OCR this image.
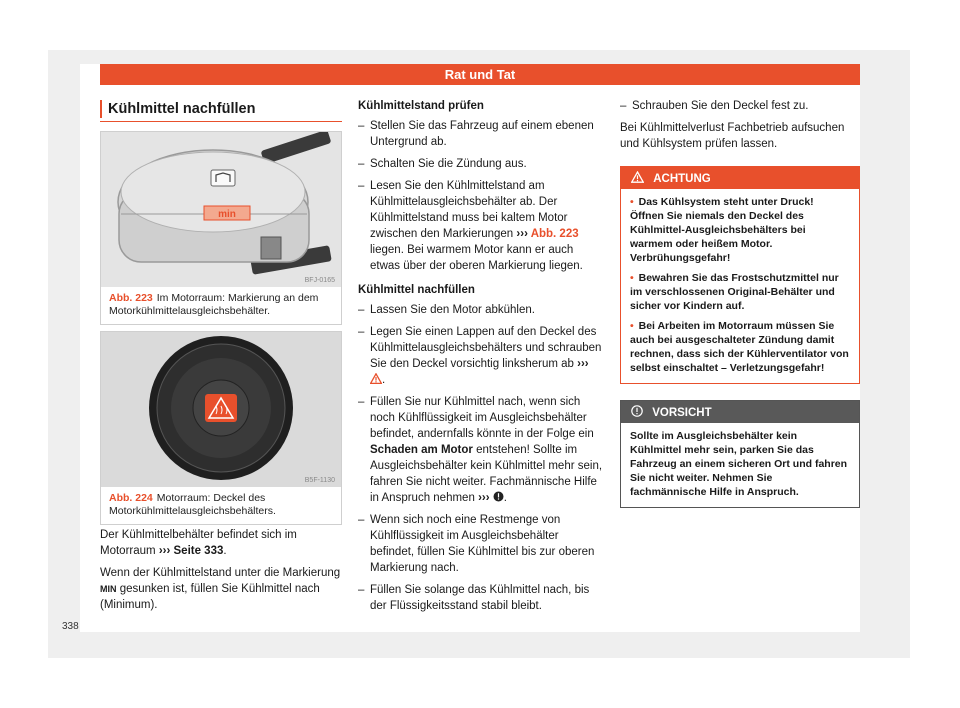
Rat und Tat
Kühlmittel nachfüllen
min
BFJ-0165
Abb. 223 Im Motorraum: Markierung an dem Motorkühlmittelausgleichsbehälter.
B5F-1130
Abb. 224 Motorraum: Deckel des Motorkühlmittelausgleichsbehälters.

Der Kühlmittelbehälter befindet sich im Motorraum ››› Seite 333.

Wenn der Kühlmittelstand unter die Markierung MIN gesunken ist, füllen Sie Kühlmittel nach (Minimum).

338
Kühlmittelstand prüfen
– Stellen Sie das Fahrzeug auf einem ebenen Untergrund ab.
– Schalten Sie die Zündung aus.
– Lesen Sie den Kühlmittelstand am Kühlmittelausgleichsbehälter ab. Der Kühlmittelstand muss bei kaltem Motor zwischen den Markierungen ››› Abb. 223 liegen. Bei warmem Motor kann er auch etwas über der oberen Markierung liegen.
Kühlmittel nachfüllen
– Lassen Sie den Motor abkühlen.
– Legen Sie einen Lappen auf den Deckel des Kühlmittelausgleichsbehälters und schrauben Sie den Deckel vorsichtig linksherum ab ››› .
– Füllen Sie nur Kühlmittel nach, wenn sich noch Kühlflüssigkeit im Ausgleichsbehälter befindet, andernfalls könnte in der Folge ein Schaden am Motor entstehen! Sollte im Ausgleichsbehälter kein Kühlmittel mehr sein, fahren Sie nicht weiter. Fachmännische Hilfe in Anspruch nehmen ››› .
– Wenn sich noch eine Restmenge von Kühlflüssigkeit im Ausgleichsbehälter befindet, füllen Sie Kühlmittel bis zur oberen Markierung nach.
– Füllen Sie solange das Kühlmittel nach, bis der Flüssigkeitsstand stabil bleibt.
– Schrauben Sie den Deckel fest zu.

Bei Kühlmittelverlust Fachbetrieb aufsuchen und Kühlsystem prüfen lassen.

ACHTUNG

• Das Kühlsystem steht unter Druck! Öffnen Sie niemals den Deckel des Kühlmittel-Ausgleichsbehälters bei warmem oder heißem Motor. Verbrühungsgefahr!

• Bewahren Sie das Frostschutzmittel nur im verschlossenen Original-Behälter und sicher vor Kindern auf.

• Bei Arbeiten im Motorraum müssen Sie auch bei ausgeschalteter Zündung damit rechnen, dass sich der Kühlerventilator von selbst einschaltet – Verletzungsgefahr!

VORSICHT
Sollte im Ausgleichsbehälter kein Kühlmittel mehr sein, parken Sie das Fahrzeug an einem sicheren Ort und fahren Sie nicht weiter. Nehmen Sie fachmännische Hilfe in Anspruch.
